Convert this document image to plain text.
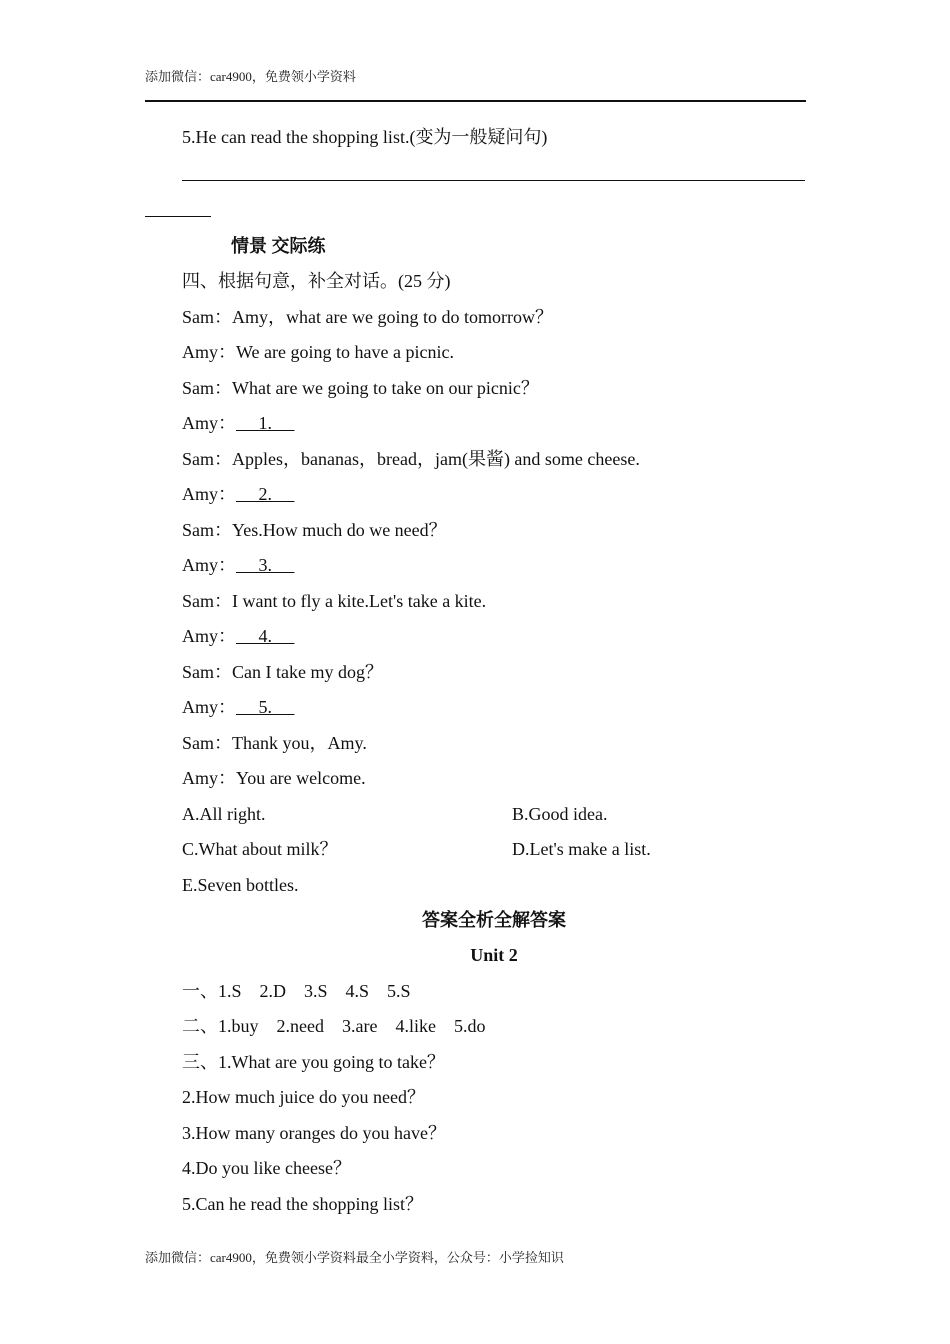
添加微信：car4900，免费领小学资料
5.He can read the shopping list.(变为一般疑问句)
情景 交际练
四、根据句意，补全对话。(25 分)
Sam：Amy，what are we going to do tomorrow？
Amy：We are going to have a picnic.
Sam：What are we going to take on our picnic？
Amy： 1.
Sam：Apples，bananas，bread，jam(果酱) and some cheese.
Amy： 2.
Sam：Yes.How much do we need？
Amy： 3.
Sam：I want to fly a kite.Let's take a kite.
Amy： 4.
Sam：Can I take my dog？
Amy： 5.
Sam：Thank you，Amy.
Amy：You are welcome.
A.All right.	B.Good idea.
C.What about milk？	D.Let's make a list.
E.Seven bottles.
答案全析全解答案
Unit 2
一、1.S　2.D　3.S　4.S　5.S
二、1.buy　2.need　3.are　4.like　5.do
三、1.What are you going to take？
2.How much juice do you need？
3.How many oranges do you have？
4.Do you like cheese？
5.Can he read the shopping list？
添加微信：car4900，免费领小学资料最全小学资料，公众号：小学捡知识
